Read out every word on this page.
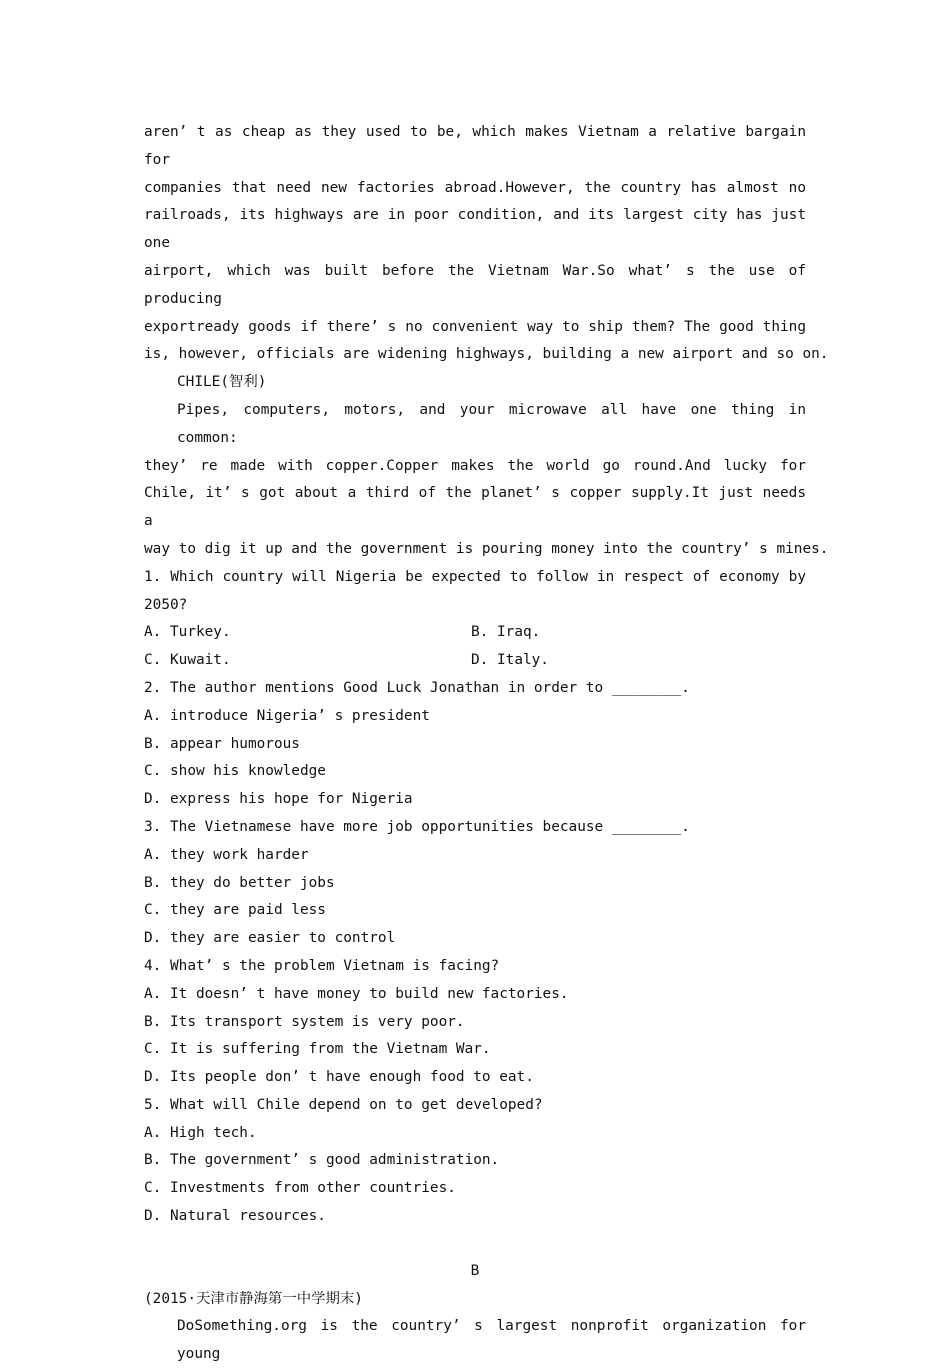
aren’ t as cheap as they used to be, which makes Vietnam a relative bargain for
companies that need new factories abroad.However, the country has almost no
railroads, its highways are in poor condition, and its largest city has just one
airport, which was built before the Vietnam War.So what’ s the use of producing
exportready goods if there’ s no convenient way to ship them? The good thing
is, however, officials are widening highways, building a new airport and so on.
CHILE(智利)
Pipes, computers, motors, and your microwave all have one thing in common:
they’ re made with copper.Copper makes the world go round.And lucky for
Chile, it’ s got about a third of the planet’ s copper supply.It just needs a
way to dig it up and the government is pouring money into the country’ s mines.
1. Which country will Nigeria be expected to follow in respect of economy by
2050?
A. Turkey.	B. Iraq.
C. Kuwait.	D. Italy.
2. The author mentions Good Luck Jonathan in order to ________.
A. introduce Nigeria’ s president
B. appear humorous
C. show his knowledge
D. express his hope for Nigeria
3. The Vietnamese have more job opportunities because ________.
A. they work harder
B. they do better jobs
C. they are paid less
D. they are easier to control
4. What’ s the problem Vietnam is facing?
A. It doesn’ t have money to build new factories.
B. Its transport system is very poor.
C. It is suffering from the Vietnam War.
D. Its people don’ t have enough food to eat.
5. What will Chile depend on to get developed?
A. High tech.
B. The government’ s good administration.
C. Investments from other countries.
D. Natural resources.
B
(2015·天津市静海第一中学期末)
DoSomething.org is the country’ s largest nonprofit organization for young
